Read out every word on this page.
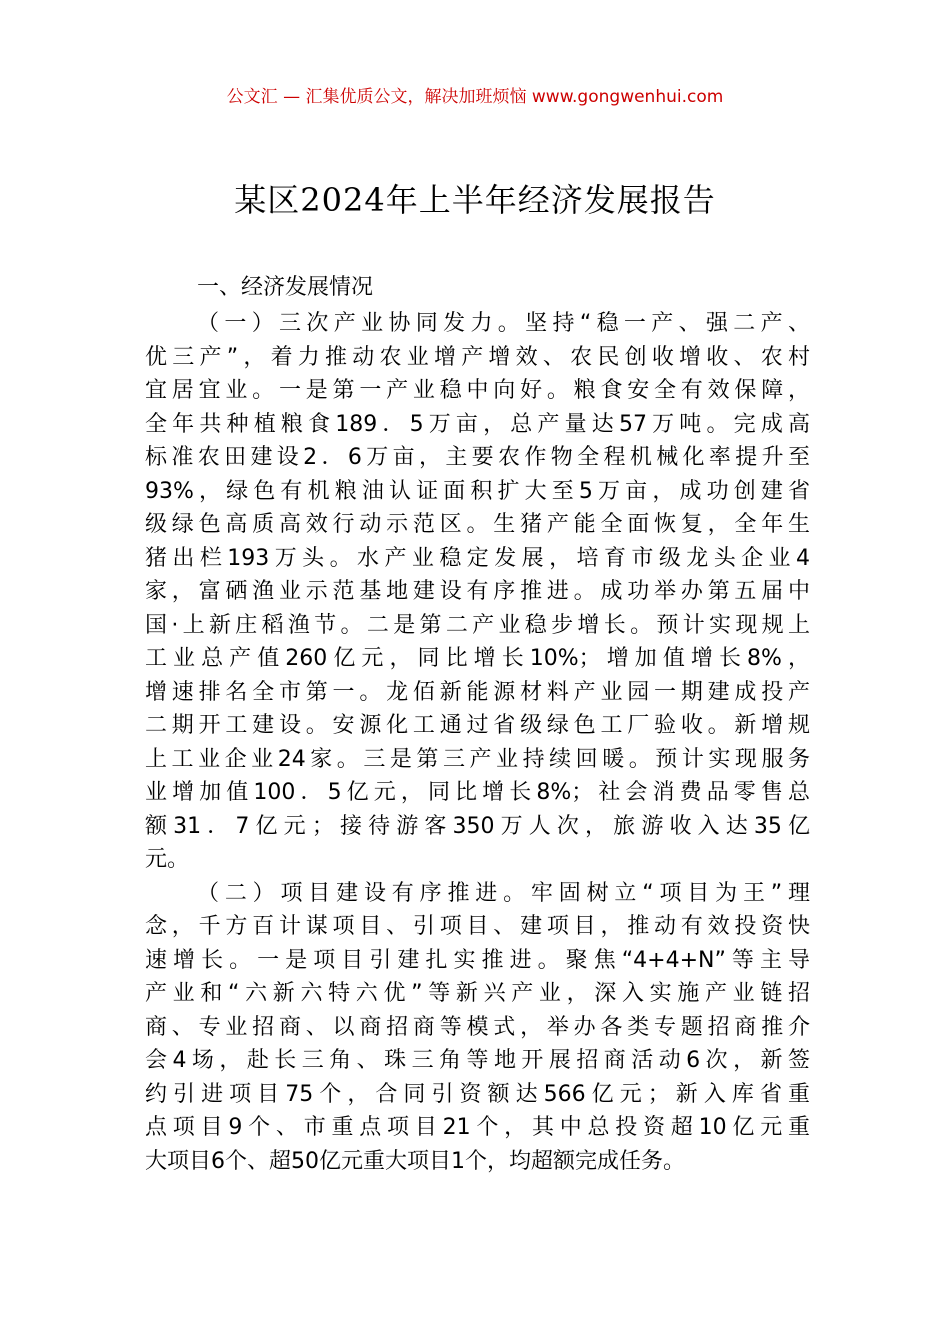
公文汇 — 汇集优质公文，解决加班烦恼 www.gongwenhui.com
某区2024年上半年经济发展报告

一、经济发展情况

（一）三次产业协同发力。坚持“稳一产、强二产、
优三产”，着力推动农业增产增效、农民创收增收、农村
宜居宜业。一是第一产业稳中向好。粮食安全有效保障，
全年共种植粮食189．5万亩，总产量达57万吨。完成高
标准农田建设2．6万亩，主要农作物全程机械化率提升至
93%，绿色有机粮油认证面积扩大至5万亩，成功创建省
级绿色高质高效行动示范区。生猪产能全面恢复，全年生
猪出栏193万头。水产业稳定发展，培育市级龙头企业4
家，富硒渔业示范基地建设有序推进。成功举办第五届中
国·上新庄稻渔节。二是第二产业稳步增长。预计实现规上
工业总产值260亿元，同比增长10%；增加值增长8%，
增速排名全市第一。龙佰新能源材料产业园一期建成投产
二期开工建设。安源化工通过省级绿色工厂验收。新增规
上工业企业24家。三是第三产业持续回暖。预计实现服务
业增加值100．5亿元，同比增长8%；社会消费品零售总
额31．7亿元；接待游客350万人次，旅游收入达35亿
元。

（二）项目建设有序推进。牢固树立“项目为王”理
念，千方百计谋项目、引项目、建项目，推动有效投资快
速增长。一是项目引建扎实推进。聚焦“4+4+N”等主导
产业和“六新六特六优”等新兴产业，深入实施产业链招
商、专业招商、以商招商等模式，举办各类专题招商推介
会4场，赴长三角、珠三角等地开展招商活动6次，新签
约引进项目75个，合同引资额达566亿元；新入库省重
点项目9个、市重点项目21个，其中总投资超10亿元重
大项目6个、超50亿元重大项目1个，均超额完成任务。
